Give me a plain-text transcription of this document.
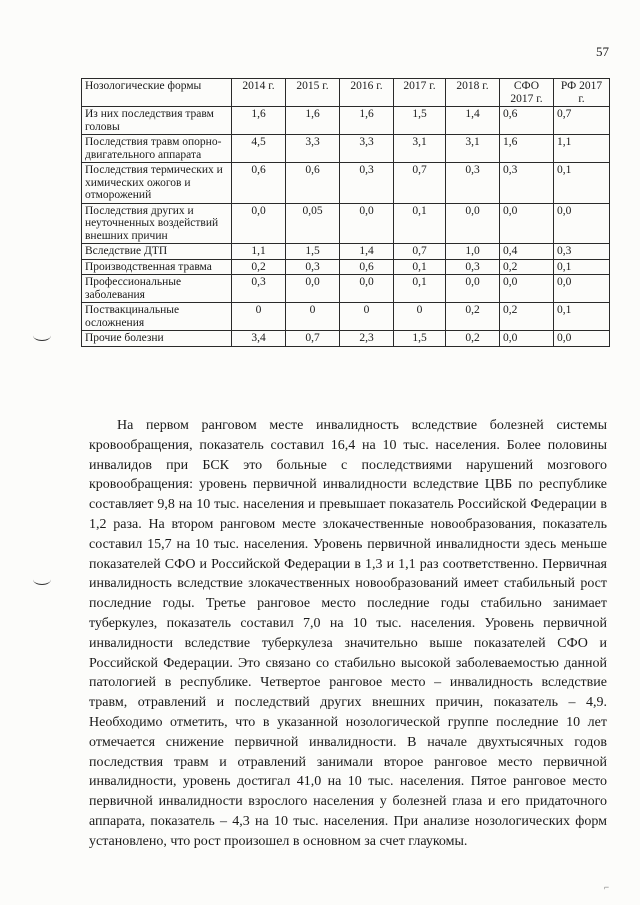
57
Нозологические формы	2014 г.	2015 г.	2016 г.	2017 г.	2018 г.	СФО 2017 г.	РФ 2017 г.
Из них последствия травм головы	1,6	1,6	1,6	1,5	1,4	0,6	0,7
Последствия травм опорно-двигательного аппарата	4,5	3,3	3,3	3,1	3,1	1,6	1,1
Последствия термических и химических ожогов и отморожений	0,6	0,6	0,3	0,7	0,3	0,3	0,1
Последствия других и неуточненных воздействий внешних причин	0,0	0,05	0,0	0,1	0,0	0,0	0,0
Вследствие ДТП	1,1	1,5	1,4	0,7	1,0	0,4	0,3
Производственная травма	0,2	0,3	0,6	0,1	0,3	0,2	0,1
Профессиональные заболевания	0,3	0,0	0,0	0,1	0,0	0,0	0,0
Поствакцинальные осложнения	0	0	0	0	0,2	0,2	0,1
Прочие болезни	3,4	0,7	2,3	1,5	0,2	0,0	0,0

На первом ранговом месте инвалидность вследствие болезней системы кровообращения, показатель составил 16,4 на 10 тыс. населения. Более половины инвалидов при БСК это больные с последствиями нарушений мозгового кровообращения: уровень первичной инвалидности вследствие ЦВБ по республике составляет 9,8 на 10 тыс. населения и превышает показатель Российской Федерации в 1,2 раза. На втором ранговом месте злокачественные новообразования, показатель составил 15,7 на 10 тыс. населения. Уровень первичной инвалидности здесь меньше показателей СФО и Российской Федерации в 1,3 и 1,1 раз соответственно. Первичная инвалидность вследствие злокачественных новообразований имеет стабильный рост последние годы. Третье ранговое место последние годы стабильно занимает туберкулез, показатель составил 7,0 на 10 тыс. населения. Уровень первичной инвалидности вследствие туберкулеза значительно выше показателей СФО и Российской Федерации. Это связано со стабильно высокой заболеваемостью данной патологией в республике. Четвертое ранговое место – инвалидность вследствие травм, отравлений и последствий других внешних причин, показатель – 4,9. Необходимо отметить, что в указанной нозологической группе последние 10 лет отмечается снижение первичной инвалидности. В начале двухтысячных годов последствия травм и отравлений занимали второе ранговое место первичной инвалидности, уровень достигал 41,0 на 10 тыс. населения. Пятое ранговое место первичной инвалидности взрослого населения у болезней глаза и его придаточного аппарата, показатель – 4,3 на 10 тыс. населения. При анализе нозологических форм установлено, что рост произошел в основном за счет глаукомы.

⌐
